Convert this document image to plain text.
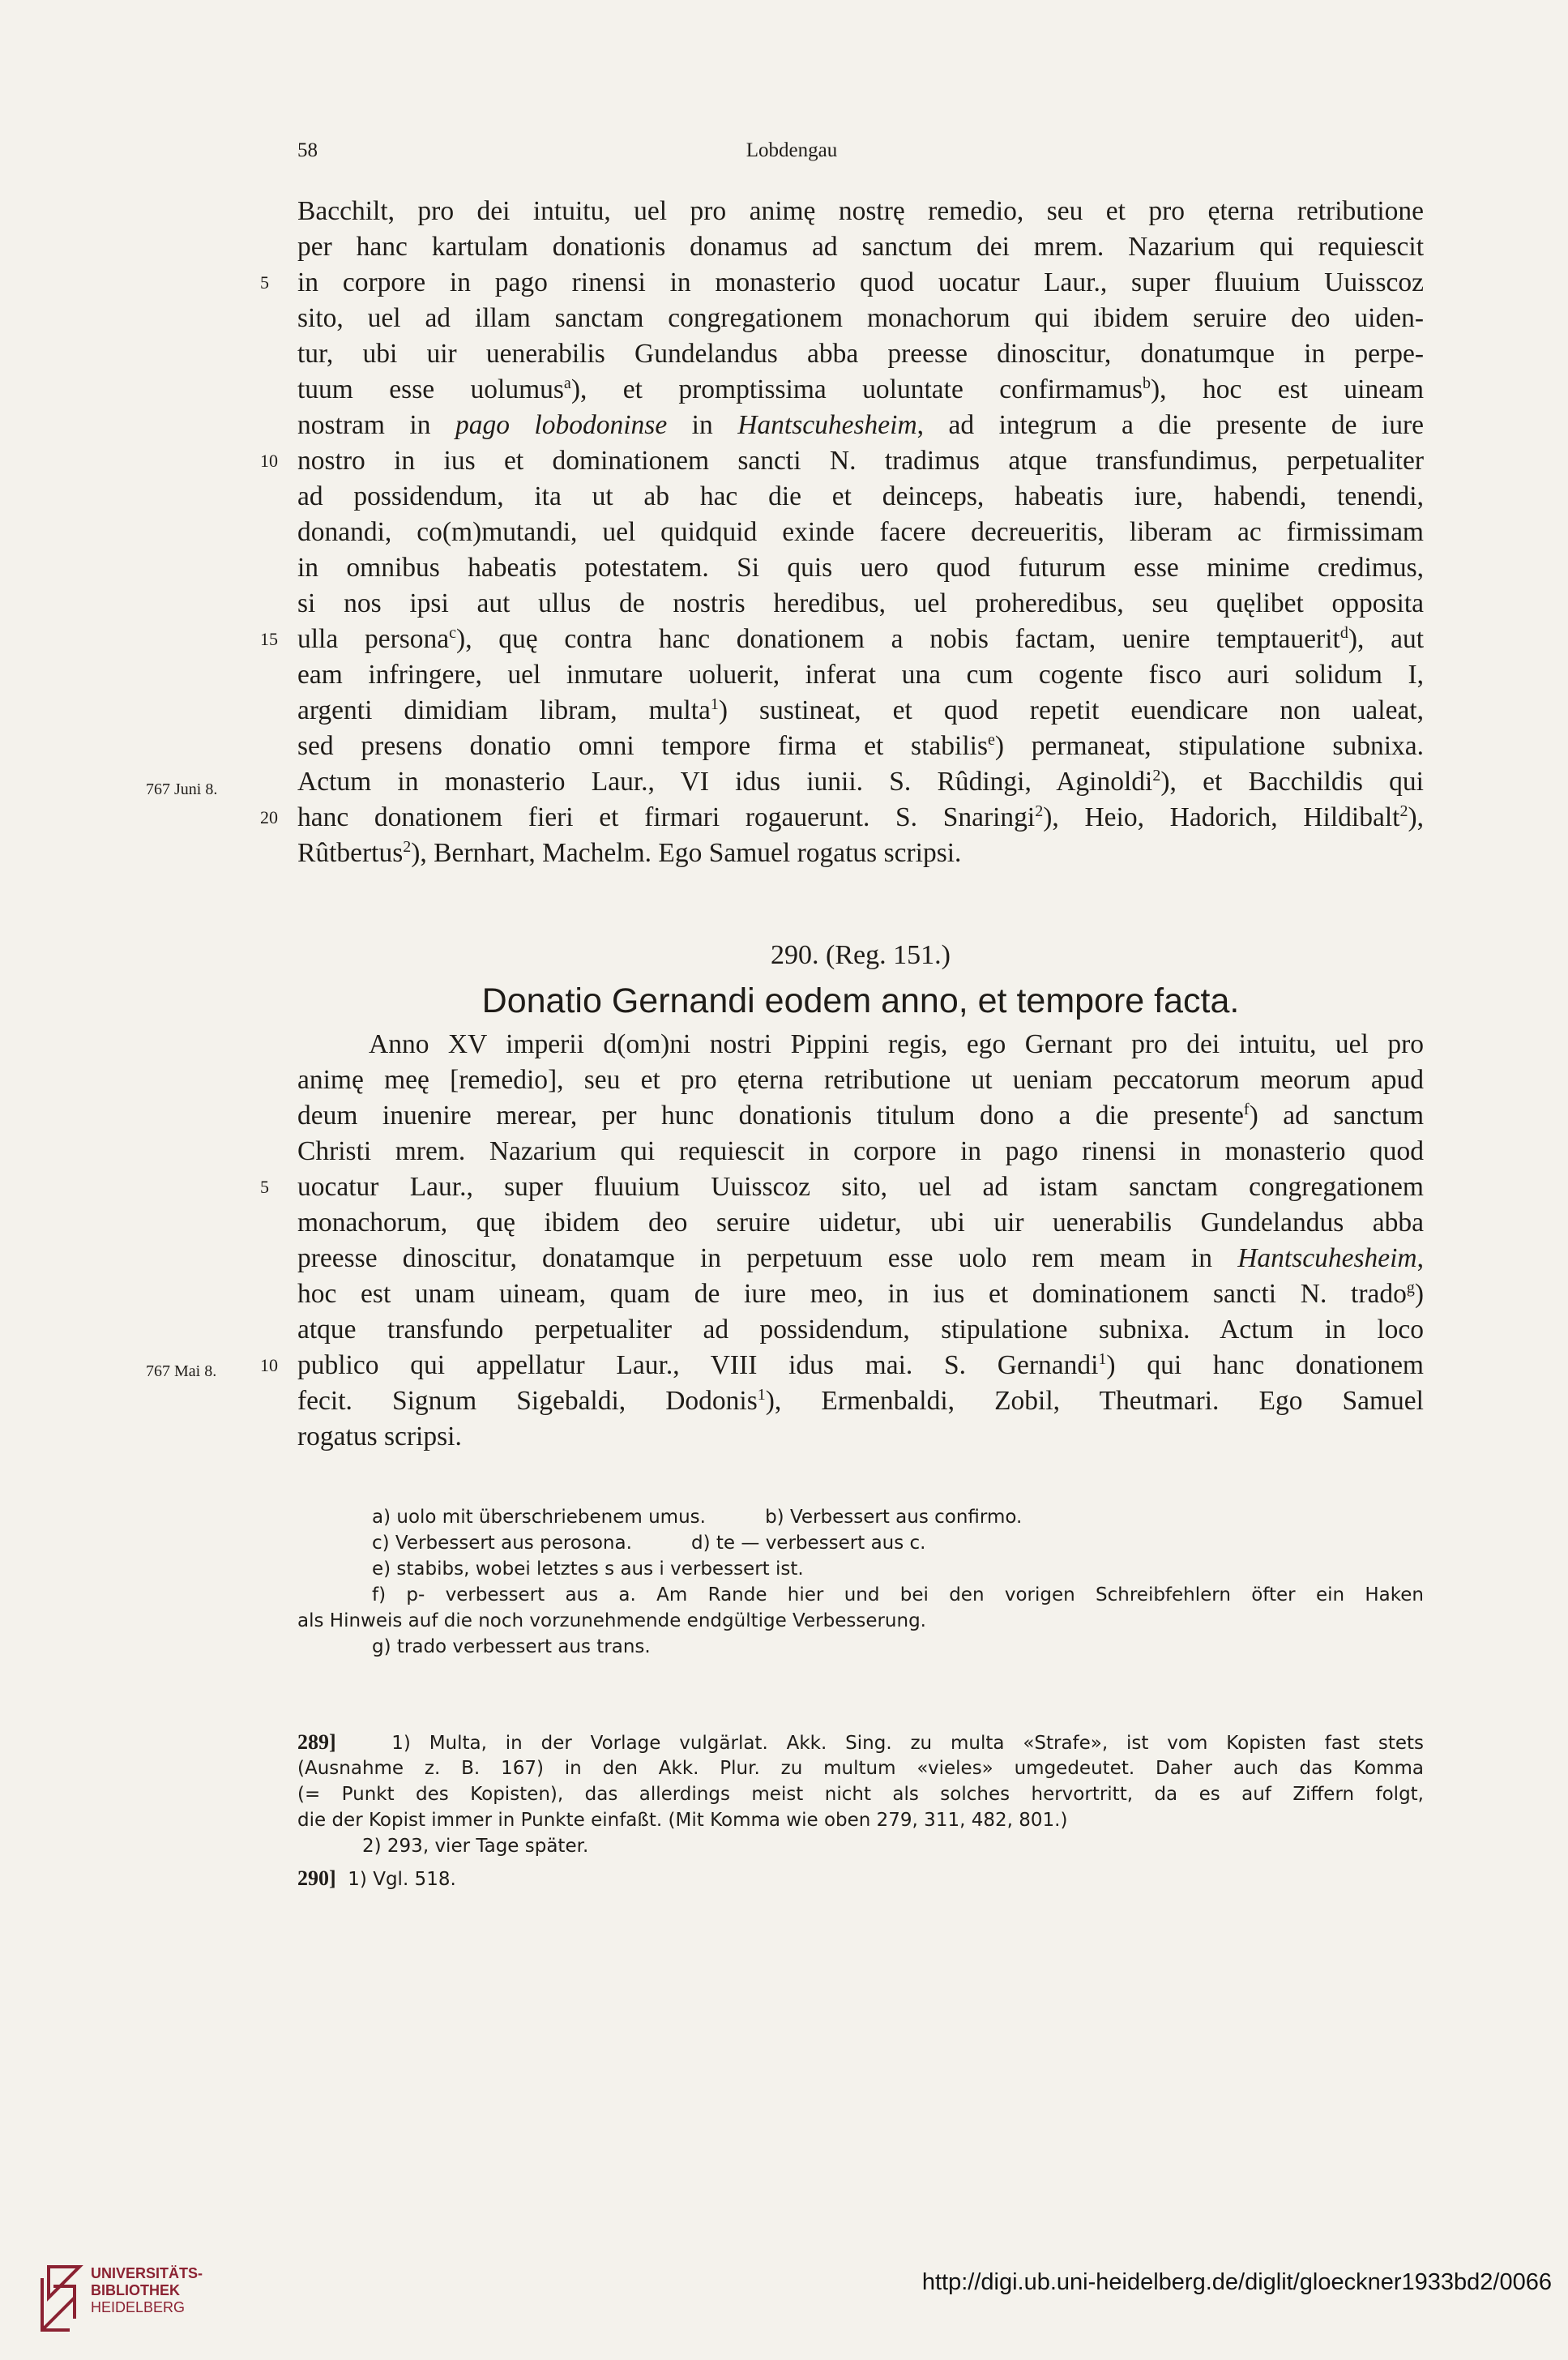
58	Lobdengau
Bacchilt, pro dei intuitu, uel pro animę nostrę remedio, seu et pro ęterna retributione
per hanc kartulam donationis donamus ad sanctum dei mrem. Nazarium qui requiescit
in corpore in pago rinensi in monasterio quod uocatur Laur., super fluuium Uuisscoz
5
sito, uel ad illam sanctam congregationem monachorum qui ibidem seruire deo uiden-
tur, ubi uir uenerabilis Gundelandus abba preesse dinoscitur, donatumque in perpe-
tuum esse uolumus$^a$), et promptissima uoluntate confirmamus$^b$), hoc est uineam
nostram in pago lobodoninse in Hantscuhesheim, ad integrum a die presente de iure
nostro in ius et dominationem sancti N. tradimus atque transfundimus, perpetualiter
10
ad possidendum, ita ut ab hac die et deinceps, habeatis iure, habendi, tenendi,
donandi, co(m)mutandi, uel quidquid exinde facere decreueritis, liberam ac firmissimam
in omnibus habeatis potestatem. Si quis uero quod futurum esse minime credimus,
si nos ipsi aut ullus de nostris heredibus, uel proheredibus, seu quęlibet opposita
ulla persona$^c$), quę contra hanc donationem a nobis factam, uenire temptauerit$^d$), aut
15
eam infringere, uel inmutare uoluerit, inferat una cum cogente fisco auri solidum I,
argenti dimidiam libram, multa$^1$) sustineat, et quod repetit euendicare non ualeat,
sed presens donatio omni tempore firma et stabilis$^e$) permaneat, stipulatione subnixa.
Actum in monasterio Laur., VI idus iunii. S. Rûdingi, Aginoldi$^2$), et Bacchildis qui
hanc donationem fieri et firmari rogauerunt. S. Snaringi$^2$), Heio, Hadorich, Hildibalt$^2$),
20
Rûtbertus$^2$), Bernhart, Machelm. Ego Samuel rogatus scripsi.
767 Juni 8.
290. (Reg. 151.)
Donatio Gernandi eodem anno, et tempore facta.
Anno XV imperii d(om)ni nostri Pippini regis, ego Gernant pro dei intuitu, uel pro
animę meę [remedio], seu et pro ęterna retributione ut ueniam peccatorum meorum apud
deum inuenire merear, per hunc donationis titulum dono a die presente$^f$) ad sanctum
Christi mrem. Nazarium qui requiescit in corpore in pago rinensi in monasterio quod
uocatur Laur., super fluuium Uuisscoz sito, uel ad istam sanctam congregationem
5
monachorum, quę ibidem deo seruire uidetur, ubi uir uenerabilis Gundelandus abba
preesse dinoscitur, donatamque in perpetuum esse uolo rem meam in Hantscuhesheim,
hoc est unam uineam, quam de iure meo, in ius et dominationem sancti N. trado$^g$)
atque transfundo perpetualiter ad possidendum, stipulatione subnixa. Actum in loco
publico qui appellatur Laur., VIII idus mai. S. Gernandi$^1$) qui hanc donationem
10
fecit. Signum Sigebaldi, Dodonis$^1$), Ermenbaldi, Zobil, Theutmari. Ego Samuel
rogatus scripsi.
767 Mai 8.
a) uolo mit überschriebenem umus.          b) Verbessert aus confirmo.
c) Verbessert aus perosona.          d) te — verbessert aus c.
e) stabibs, wobei letztes s aus i verbessert ist.
f) p- verbessert aus a. Am Rande hier und bei den vorigen Schreibfehlern öfter ein Haken
als Hinweis auf die noch vorzunehmende endgültige Verbesserung.
g) trado verbessert aus trans.
289]	1) Multa, in der Vorlage vulgärlat. Akk. Sing. zu multa «Strafe», ist vom Kopisten fast stets
(Ausnahme z. B. 167) in den Akk. Plur. zu multum «vieles» umgedeutet. Daher auch das Komma
(= Punkt des Kopisten), das allerdings meist nicht als solches hervortritt, da es auf Ziffern folgt,
die der Kopist immer in Punkte einfaßt. (Mit Komma wie oben 279, 311, 482, 801.)
2) 293, vier Tage später.
290] 1) Vgl. 518.
UNIVERSITÄTS-
BIBLIOTHEK
HEIDELBERG
http://digi.ub.uni-heidelberg.de/diglit/gloeckner1933bd2/0066
